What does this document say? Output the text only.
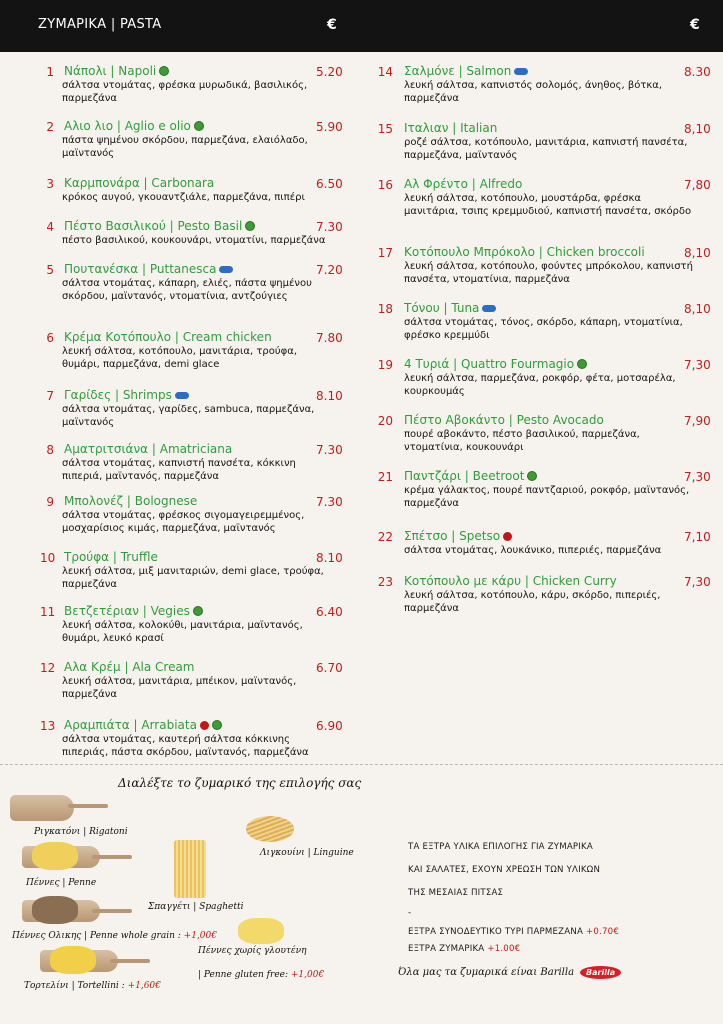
ΖΥΜΑΡΙΚΑ | PASTA	€	€
1 Νάπολι | Napoli	5.20
σάλτσα ντομάτας, φρέσκα μυρωδικά, βασιλικός, παρμεζάνα
2 Αλιο λιο | Aglio e olio	5.90
πάστα ψημένου σκόρδου, παρμεζάνα, ελαιόλαδο, μαϊντανός
3 Καρμπονάρα | Carbonara	6.50
κρόκος αυγού, γκουαντζιάλε, παρμεζάνα, πιπέρι
4 Πέστο Βασιλικού | Pesto Basil	7.30
πέστο βασιλικού, κουκουνάρι, ντοματίνι, παρμεζάνα
5 Πουτανέσκα | Puttanesca	7.20
σάλτσα ντομάτας, κάπαρη, ελιές, πάστα ψημένου σκόρδου, μαϊντανός, ντοματίνια, αντζούγιες
6 Κρέμα Κοτόπουλο | Cream chicken	7.80
λευκή σάλτσα, κοτόπουλο, μανιτάρια, τρούφα, θυμάρι, παρμεζάνα, demi glace
7 Γαρίδες | Shrimps	8.10
σάλτσα ντομάτας, γαρίδες, sambuca, παρμεζάνα, μαϊντανός
8 Αματριτσιάνα | Amatriciana	7.30
σάλτσα ντομάτας, καπνιστή πανσέτα, κόκκινη πιπεριά, μαϊντανός, παρμεζάνα
9 Μπολονέζ | Bolognese	7.30
σάλτσα ντομάτας, φρέσκος σιγομαγειρεμμένος, μοσχαρίσιος κιμάς, παρμεζάνα, μαϊντανός
10 Τρούφα | Truffle	8.10
λευκή σάλτσα, μιξ μανιταριών, demi glace, τρούφα, παρμεζάνα
11 Βετζετέριαν | Vegies	6.40
λευκή σάλτσα, κολοκύθι, μανιτάρια, μαϊντανός, θυμάρι, λευκό κρασί
12 Αλα Κρέμ | Ala Cream	6.70
λευκή σάλτσα, μανιτάρια, μπέικον, μαϊντανός, παρμεζάνα
13 Αραμπιάτα | Arrabiata	6.90
σάλτσα ντομάτας, καυτερή σάλτσα κόκκινης πιπεριάς, πάστα σκόρδου, μαϊντανός, παρμεζάνα
14 Σαλμόνε | Salmon	8.30
λευκή σάλτσα, καπνιστός σολομός, άνηθος, βότκα, παρμεζάνα
15 Ιταλιαν | Italian	8,10
ροζέ σάλτσα, κοτόπουλο, μανιτάρια, καπνιστή πανσέτα, παρμεζάνα, μαϊντανός
16 Αλ Φρέντο | Alfredo	7,80
λευκή σάλτσα, κοτόπουλο, μουστάρδα, φρέσκα μανιτάρια, τσιπς κρεμμυδιού, καπνιστή πανσέτα, σκόρδο
17 Κοτόπουλο Μπρόκολο | Chicken broccoli	8,10
λευκή σάλτσα, κοτόπουλο, φούντες μπρόκολου, καπνιστή πανσέτα, ντοματίνια, παρμεζάνα
18 Τόνου | Tuna	8,10
σάλτσα ντομάτας, τόνος, σκόρδο, κάπαρη, ντοματίνια, φρέσκο κρεμμύδι
19 4 Τυριά | Quattro Fourmagio	7,30
λευκή σάλτσα, παρμεζάνα, ροκφόρ, φέτα, μοτσαρέλα, κουρκουμάς
20 Πέστο Αβοκάντο | Pesto Avocado	7,90
πουρέ αβοκάντο, πέστο βασιλικού, παρμεζάνα, ντοματίνια, κουκουνάρι
21 Παντζάρι | Beetroot	7,30
κρέμα γάλακτος, πουρέ παντζαριού, ροκφόρ, μαϊντανός, παρμεζάνα
22 Σπέτσο | Spetso	7,10
σάλτσα ντομάτας, λουκάνικο, πιπεριές, παρμεζάνα
23 Κοτόπουλο με κάρυ | Chicken Curry	7,30
λευκή σάλτσα, κοτόπουλο, κάρυ, σκόρδο, πιπεριές, παρμεζάνα
Διαλέξτε το ζυμαρικό της επιλογής σας
Ριγκατόνι | Rigatoni
Πέννες | Penne
Πέννες Ολικης | Penne whole grain : +1,00€
Τορτελίνι | Tortellini : +1,60€
Σπαγγέτι | Spaghetti
Λιγκουίνι | Linguine
Πέννες χωρίς γλουτένη
| Penne gluten free: +1,00€
ΤΑ ΕΞΤΡΑ ΥΛΙΚΑ ΕΠΙΛΟΓΗΣ ΓΙΑ ΖΥΜΑΡΙΚΑ
ΚΑΙ ΣΑΛΑΤΕΣ, ΕΧΟΥΝ ΧΡΕΩΣΗ ΤΩΝ ΥΛΙΚΩΝ
ΤΗΣ ΜΕΣΑΙΑΣ ΠΙΤΣΑΣ
-
ΕΞΤΡΑ ΣΥΝΟΔΕΥΤΙΚΟ ΤΥΡΙ ΠΑΡΜΕΖΑΝΑ +0.70€
ΕΞΤΡΑ ΖΥΜΑΡΙΚΑ +1.00€
Όλα μας τα ζυμαρικά είναι Barilla Barilla
